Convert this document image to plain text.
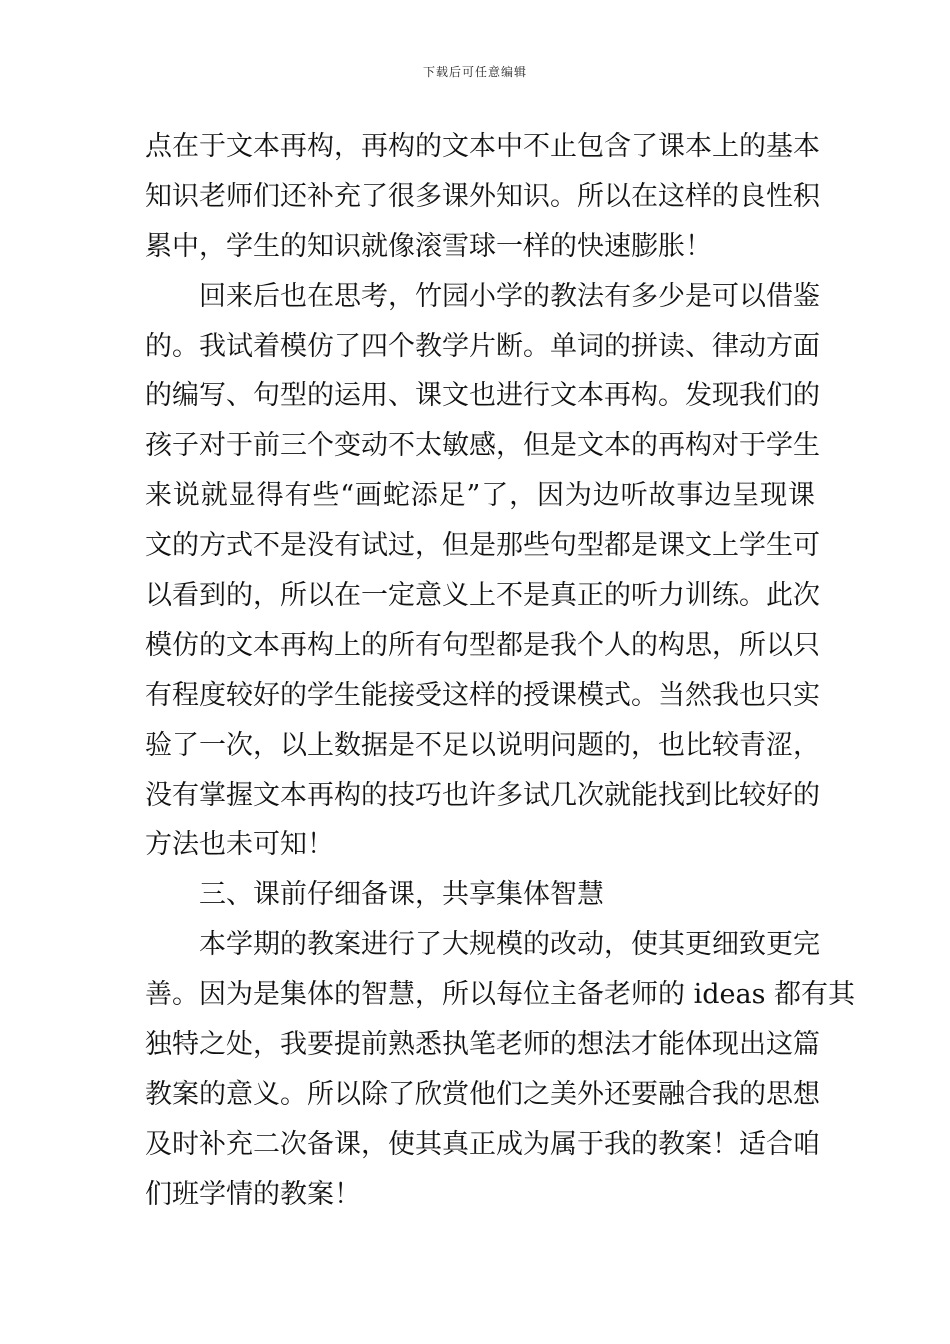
下载后可任意编辑
点在于文本再构，再构的文本中不止包含了课本上的基本
知识老师们还补充了很多课外知识。所以在这样的良性积
累中，学生的知识就像滚雪球一样的快速膨胀！
回来后也在思考，竹园小学的教法有多少是可以借鉴
的。我试着模仿了四个教学片断。单词的拼读、律动方面
的编写、句型的运用、课文也进行文本再构。发现我们的
孩子对于前三个变动不太敏感，但是文本的再构对于学生
来说就显得有些“画蛇添足”了，因为边听故事边呈现课
文的方式不是没有试过，但是那些句型都是课文上学生可
以看到的，所以在一定意义上不是真正的听力训练。此次
模仿的文本再构上的所有句型都是我个人的构思，所以只
有程度较好的学生能接受这样的授课模式。当然我也只实
验了一次，以上数据是不足以说明问题的，也比较青涩，
没有掌握文本再构的技巧也许多试几次就能找到比较好的
方法也未可知！
三、课前仔细备课，共享集体智慧
本学期的教案进行了大规模的改动，使其更细致更完
善。因为是集体的智慧，所以每位主备老师的 ideas 都有其
独特之处，我要提前熟悉执笔老师的想法才能体现出这篇
教案的意义。所以除了欣赏他们之美外还要融合我的思想
及时补充二次备课，使其真正成为属于我的教案！适合咱
们班学情的教案！
